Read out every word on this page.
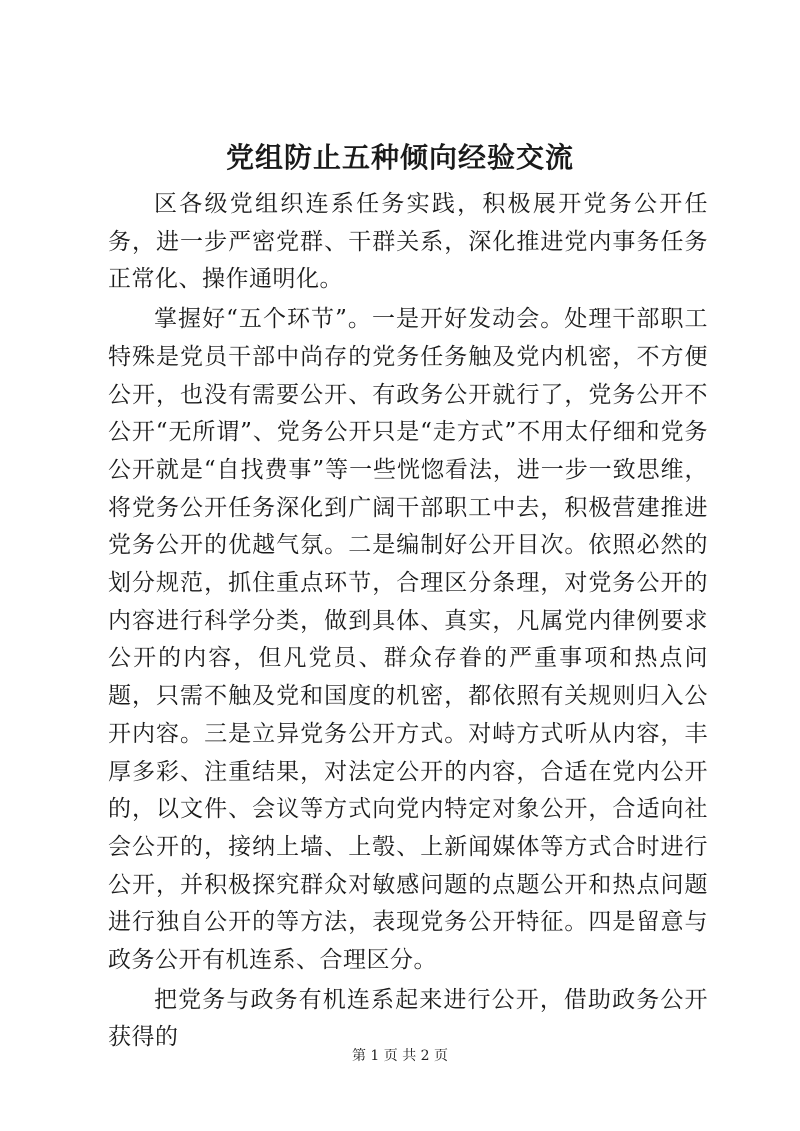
党组防止五种倾向经验交流

区各级党组织连系任务实践，积极展开党务公开任务，进一步严密党群、干群关系，深化推进党内事务任务正常化、操作通明化。

掌握好“五个环节”。一是开好发动会。处理干部职工特殊是党员干部中尚存的党务任务触及党内机密，不方便公开，也没有需要公开、有政务公开就行了，党务公开不公开“无所谓”、党务公开只是“走方式”不用太仔细和党务公开就是“自找费事”等一些恍惚看法，进一步一致思维，将党务公开任务深化到广阔干部职工中去，积极营建推进党务公开的优越气氛。二是编制好公开目次。依照必然的划分规范，抓住重点环节，合理区分条理，对党务公开的内容进行科学分类，做到具体、真实，凡属党内律例要求公开的内容，但凡党员、群众存眷的严重事项和热点问题，只需不触及党和国度的机密，都依照有关规则归入公开内容。三是立异党务公开方式。对峙方式听从内容，丰厚多彩、注重结果，对法定公开的内容，合适在党内公开的，以文件、会议等方式向党内特定对象公开，合适向社会公开的，接纳上墙、上彀、上新闻媒体等方式合时进行公开，并积极探究群众对敏感问题的点题公开和热点问题进行独自公开的等方法，表现党务公开特征。四是留意与政务公开有机连系、合理区分。

把党务与政务有机连系起来进行公开，借助政务公开获得的

第 1 页 共 2 页
